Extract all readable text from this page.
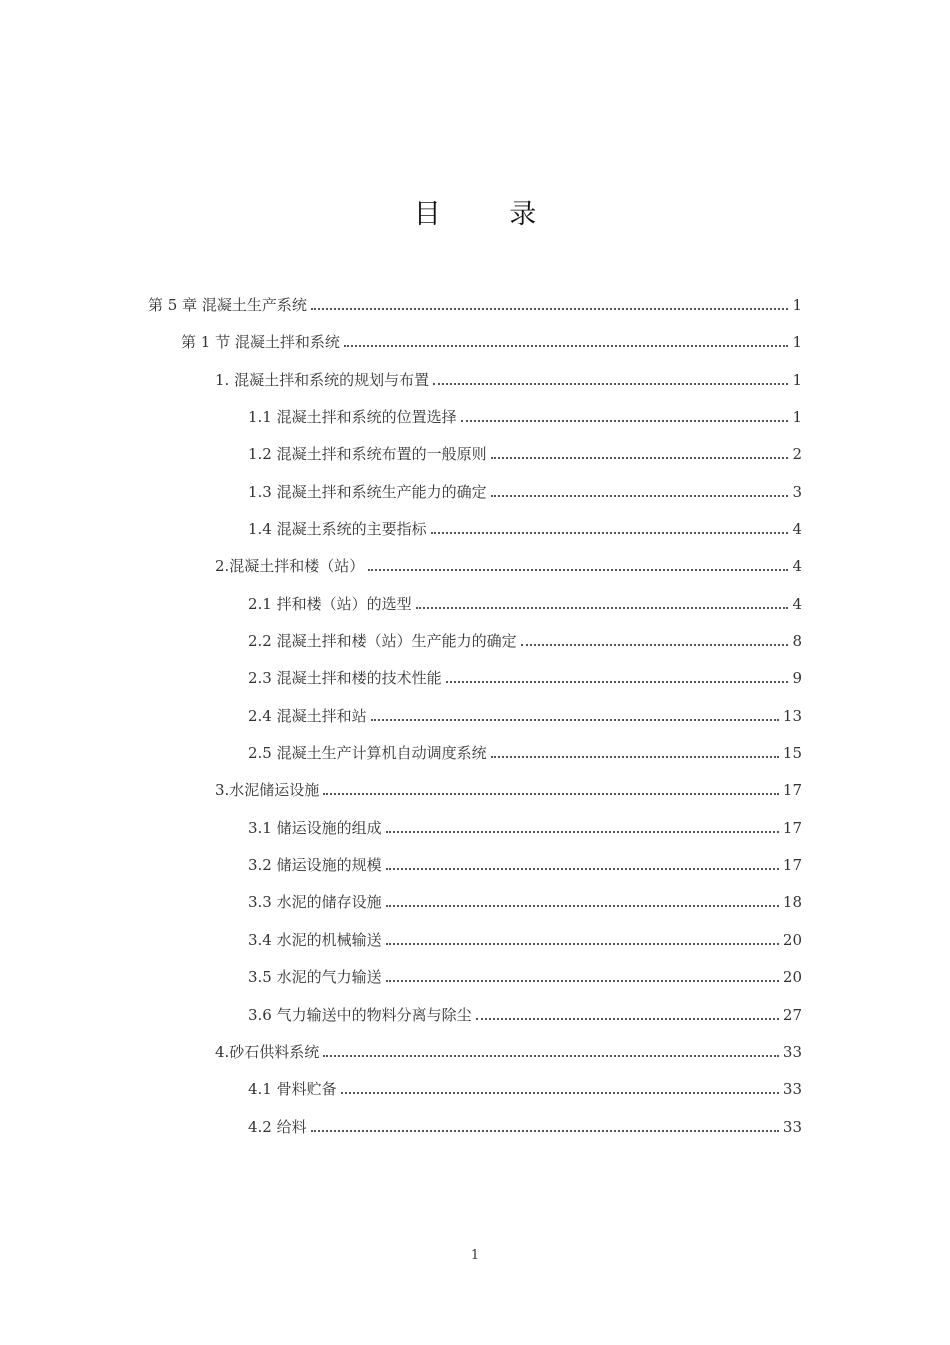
目 录
第 5 章 混凝土生产系统	1
第 1 节 混凝土拌和系统	1
1. 混凝土拌和系统的规划与布置	1
1.1 混凝土拌和系统的位置选择	1
1.2 混凝土拌和系统布置的一般原则	2
1.3 混凝土拌和系统生产能力的确定	3
1.4 混凝土系统的主要指标	4
2.混凝土拌和楼（站）	4
2.1 拌和楼（站）的选型	4
2.2 混凝土拌和楼（站）生产能力的确定	8
2.3 混凝土拌和楼的技术性能	9
2.4 混凝土拌和站	13
2.5 混凝土生产计算机自动调度系统	15
3.水泥储运设施	17
3.1 储运设施的组成	17
3.2 储运设施的规模	17
3.3 水泥的储存设施	18
3.4 水泥的机械输送	20
3.5 水泥的气力输送	20
3.6 气力输送中的物料分离与除尘	27
4.砂石供料系统	33
4.1 骨料贮备	33
4.2 给料	33
1
